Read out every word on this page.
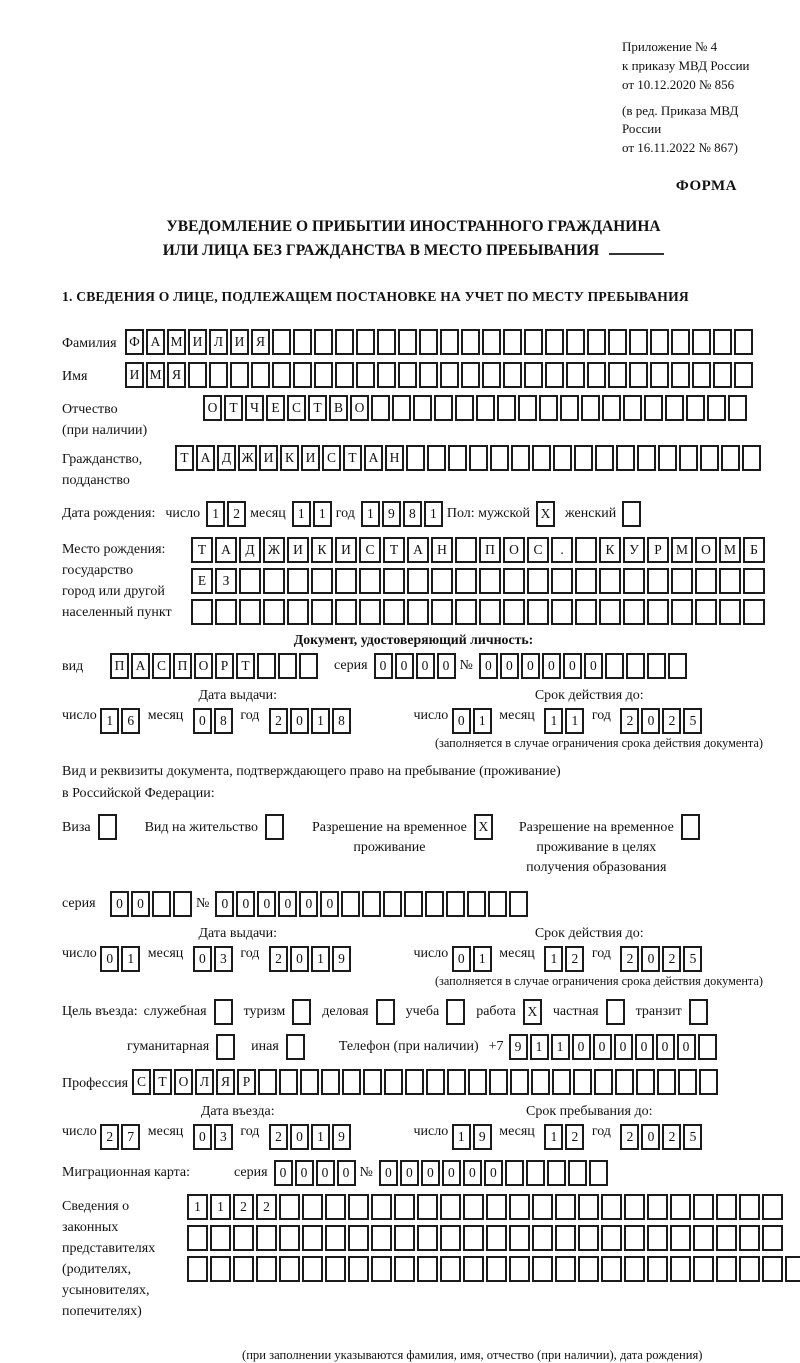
Приложение № 4
к приказу МВД России
от 10.12.2020 № 856
(в ред. Приказа МВД России
от 16.11.2022 № 867)
ФОРМА
УВЕДОМЛЕНИЕ О ПРИБЫТИИ ИНОСТРАННОГО ГРАЖДАНИНА
ИЛИ ЛИЦА БЕЗ ГРАЖДАНСТВА В МЕСТО ПРЕБЫВАНИЯ
1. СВЕДЕНИЯ О ЛИЦЕ, ПОДЛЕЖАЩЕМ ПОСТАНОВКЕ НА УЧЕТ ПО МЕСТУ ПРЕБЫВАНИЯ
Фамилия Ф А М И Л И Я
Имя	И М Я
Отчество
(при наличии)
О Т Ч Е С Т В О
Гражданство,
подданство
Т А Д Ж И К И С Т А Н
Дата рождения: число 1 2 месяц 1 1 год 1 9 8 1 Пол: мужской X	женский
Место рождения:
государство
город или другой
населенный пункт
Т А Д Ж И К И С Т А Н	П О С .	К У Р М О М Б
Е З
Документ, удостоверяющий личность:
вид	П А С П О Р Т	серия 0 0 0 0 № 0 0 0 0 0 0
Дата выдачи:
число 1 6 месяц 0 8 год 2 0 1 8
Срок действия до:
число 0 1 месяц 1 1 год 2 0 2 5
(заполняется в случае ограничения срока действия документа)
Вид и реквизиты документа, подтверждающего право на пребывание (проживание)
в Российской Федерации:
Виза	Вид на жительство	Разрешение на временное
проживание
X	Разрешение на временное
проживание в целях
получения образования
серия	0 0	№ 0 0 0 0 0 0
Дата выдачи:
число 0 1 месяц 0 3 год 2 0 1 9
Срок действия до:
число 0 1 месяц 1 2 год 2 0 2 5
(заполняется в случае ограничения срока действия документа)
Цель въезда: служебная	туризм	деловая	учеба	работа X	частная	транзит
гуманитарная	иная	Телефон (при наличии) +7 9 1 1 0 0 0 0 0 0
Профессия С Т О Л Я Р
Дата въезда:
число 2 7 месяц 0 3 год 2 0 1 9
Срок пребывания до:
число 1 9 месяц 1 2 год 2 0 2 5
Миграционная карта:	серия 0 0 0 0 № 0 0 0 0 0 0
Сведения о
законных
представителях
(родителях,
усыновителях,
попечителях)
1 1 2 2
(при заполнении указываются фамилия, имя, отчество (при наличии), дата рождения)
